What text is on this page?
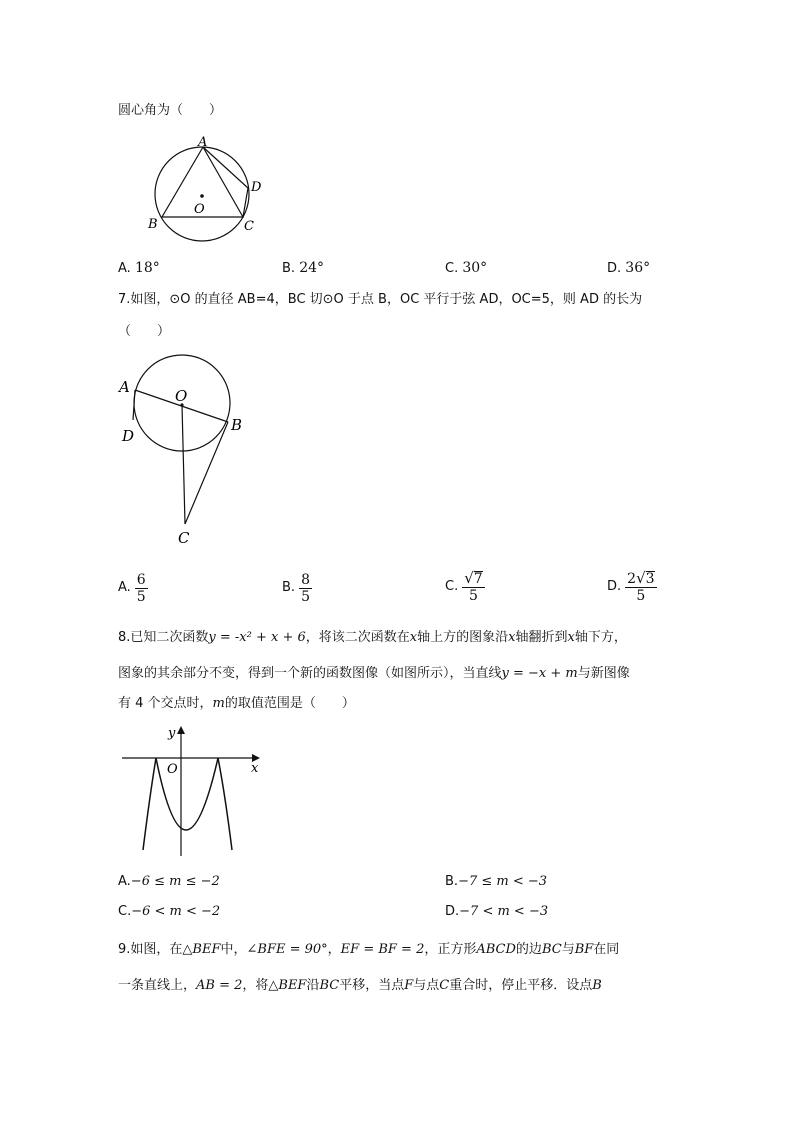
圆心角为（　　）
A
B	C
D
O
A. 18°	B. 24°	C. 30°	D. 36°
7.如图，⊙O 的直径 AB=4，BC 切⊙O 于点 B，OC 平行于弦 AD，OC=5，则 AD 的长为
（　　）
A
B
C
D
O
A. $\frac{6}{5}$	B. $\frac{8}{5}$	C. $\frac{√ 7}{5}$	D. $\frac{2 √ 3}{5}$
8.已知二次函数y = -x² + x + 6，将该二次函数在x轴上方的图象沿x轴翻折到x轴下方，
图象的其余部分不变，得到一个新的函数图像（如图所示），当直线y = −x + m与新图像
有 4 个交点时，m的取值范围是（　　）
y
x
O
A.−6 ≤ m ≤ −2	B.−7 ≤ m < −3
C.−6 < m < −2	D.−7 < m < −3
9.如图，在△BEF中，∠BFE = 90°，EF = BF = 2，正方形ABCD的边BC与BF在同
一条直线上，AB = 2，将△BEF沿BC平移，当点F与点C重合时，停止平移．设点B
